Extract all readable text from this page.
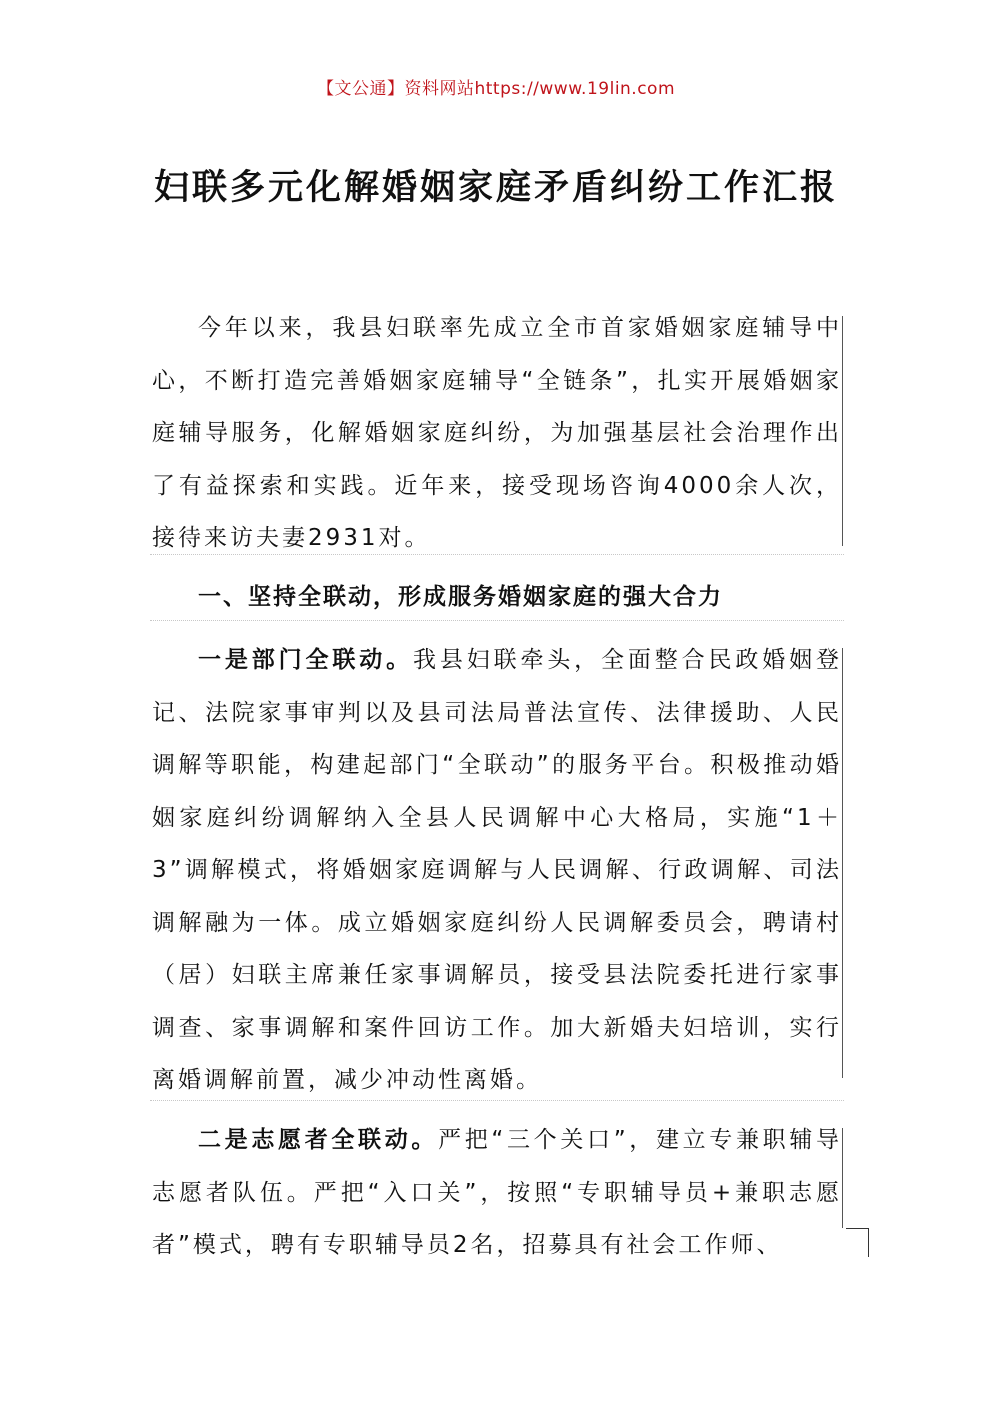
【文公通】资料网站https://www.19lin.com
妇联多元化解婚姻家庭矛盾纠纷工作汇报

今年以来，我县妇联率先成立全市首家婚姻家庭辅导中心，不断打造完善婚姻家庭辅导“全链条”，扎实开展婚姻家庭辅导服务，化解婚姻家庭纠纷，为加强基层社会治理作出了有益探索和实践。近年来，接受现场咨询4000余人次，接待来访夫妻2931对。

一、坚持全联动，形成服务婚姻家庭的强大合力

一是部门全联动。我县妇联牵头，全面整合民政婚姻登记、法院家事审判以及县司法局普法宣传、法律援助、人民调解等职能，构建起部门“全联动”的服务平台。积极推动婚姻家庭纠纷调解纳入全县人民调解中心大格局，实施“1＋3”调解模式，将婚姻家庭调解与人民调解、行政调解、司法调解融为一体。成立婚姻家庭纠纷人民调解委员会，聘请村（居）妇联主席兼任家事调解员，接受县法院委托进行家事调查、家事调解和案件回访工作。加大新婚夫妇培训，实行离婚调解前置，减少冲动性离婚。

二是志愿者全联动。严把“三个关口”，建立专兼职辅导志愿者队伍。严把“入口关”，按照“专职辅导员+兼职志愿者”模式，聘有专职辅导员2名，招募具有社会工作师、
